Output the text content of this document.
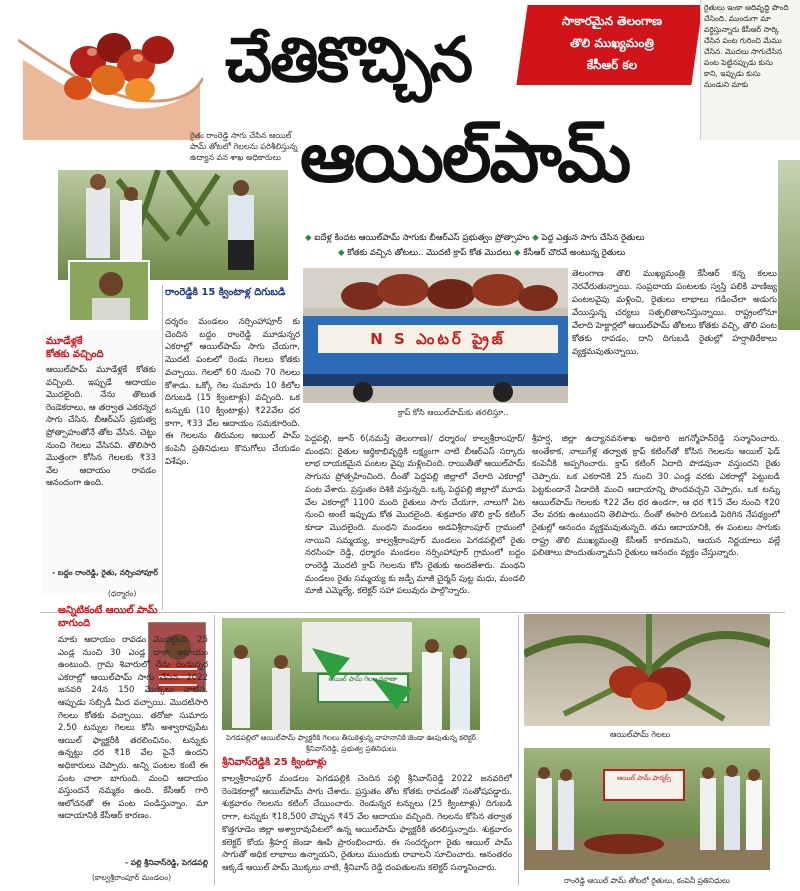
చేతికొచ్చిన
ఆయిల్‌పామ్
సాకారమైన తెలంగాణ
తొలి ముఖ్యమంత్రి
కేసీఆర్ కల
రైతులు ఇంకా ఆదివృద్ధి పొంది
చేసింది. ముందుగా మా
వర్ధిస్తున్నారు కేసీఆర్ సార్కి
చేసిన పంట గురించి మేము
చేసిన. మొదలు సాగుచేసిన
పంట పెట్టినప్పుడు కుసు
కాని, ఇప్పుడు కుసు
నుండుని మాకు
రైతు రాంరెడ్డి సాగు చేసిన ఆయిల్ పామ్ తోటలో గెలలను పరిశీలిస్తున్న ఉద్యాన వన శాఖ అధికారులు
◆ ఐదేళ్ల కిందట ఆయిల్‌పామ్ సాగుకు బీఆర్ఎస్ ప్రభుత్వం ప్రోత్సాహం ◆ పెద్ద ఎత్తున సాగు చేసిన రైతులు
◆ కోతకు వచ్చిన తోటలు.. మొదటి క్రాప్ కోత మొదలు ◆ కేసీఆర్ చొరవే అంటున్న రైతులు
N S ఎంటర్ ప్రైజ్
క్రాప్ కోసి ఆయిల్‌పామ్‌కు తరలిస్తూ..
తెలంగాణ తొలి ముఖ్యమంత్రి కేసీఆర్ కన్న కలలు నెరవేరుతున్నాయి. సంప్రదాయ పంటలకు స్వస్తి పలికి వాణిజ్య పంటలవైపు మళ్లించి, రైతులు లాభాలు గడించేలా అడుగు వేయిస్తున్న చర్యలు సత్ఫలితాలనిస్తున్నాయి. రాష్ట్రంలోనూ వేలాది హెక్టార్లలో ఆయిల్‌పామ్ తోటలు కోతకు వచ్చి, తొలి పంట కోతకు రావడం, దాని దిగుబడి రైతుల్లో హర్షాతిరేకాలు వ్యక్తమవుతున్నాయి.
రాంరెడ్డికి 15 క్వింటాళ్ల దిగుబడి
దర్శరం మండలం నర్సింహాపూర్ కు చెందిన బద్దం రాంరెడ్డి మూడున్నర ఎకరాల్లో ఆయిల్‌పామ్ సాగు చేయగా, మొదటి పంటలో రెండు గెలలు కోతకు వచ్చాయి. గెలలో 60 నుంచి 70 గెలలు కోశాడు. ఒక్కో గెల సుమారు 10 కిలోల దిగుబడి (15 క్వింటాళ్లు) వచ్చింది. ఒక టన్నుకు (10 క్వింటాళ్లు) ₹22వేల ధర కాగా, ₹33 వేల ఆదాయం సమకూరింది. ఈ గెలలను తిరుమల ఆయిల్ పామ్ కంపెనీ ప్రతినిధులు కొనుగోలు చేయడం విశేషం.
మూడేళ్లకే
కోతకు వచ్చింది
ఆయిల్‌పామ్ మూడేళ్లకే కోతకు వచ్చింది. ఇప్పుడే ఆదాయం మొదలైంది. నేను తొలుత రెండెకరాలు, ఆ తర్వాత ఎకరన్నర సాగు చేసిన. బీఆర్ఎస్ ప్రభుత్వ ప్రోత్సాహంతోనే తోట వేసిన. చెట్టు నుంచి గెలలు వేసినవి. తొలిసారి మొత్తంగా కోసిన గెలలకు ₹33 వేల ఆదాయం రావడం ఆనందంగా ఉంది.
- బద్దం రాంరెడ్డి, రైతు, నర్సింహాపూర్
(ధర్మారం)
పెద్దపల్లి, జూన్ 6(నమస్తే తెలంగాణ)/ ధర్మారం/ కాల్వశ్రీరాంపూర్/ మంథని: రైతుల ఆర్థికాభివృద్ధికి లక్ష్యంగా నాటి బీఆర్ఎస్ సర్కారు లాభ దాయకమైన పంటల వైపు మళ్లించింది. రాయితీతో ఆయిల్‌పామ్ సాగును ప్రోత్సహించింది. దీంతో పెద్దపల్లి జిల్లాలో వేలాది ఎకరాల్లో పంట వేశారు. ప్రస్తుతం దిశికి వస్తున్నది. ఒక్క పెద్దపల్లి జిల్లాలో మూడు వేల ఎకరాల్లో 1100 మంది రైతులు సాగు చేయగా, నాలుగో ఏట నుంచి అంటే ఇప్పుడు కోత మొదలైంది. శుక్రవారం తొలి క్రాప్ కటింగ్ కూడా మొదలైంది. మంథని మండలం అడవిశ్రీరాంపూర్ గ్రామంలో నాయిని సమ్మయ్య, కాల్వశ్రీరాంపూర్ మండలం పెగడపల్లిలో రైతు నరసింహ రెడ్డి, ధర్మారం మండలం నర్సింహాపూర్ గ్రామంలో బద్దం రాంరెడ్డి మొదటి క్రాప్ గెలలను కోసి రైతుకు అందజేశారు. మంథని మండలం రైతు సమ్మయ్య కు జడ్పీ మాజీ చైర్మన్ పుట్ట మధు, మండలి మాజీ ఎమ్మెల్యే, కలెక్టర్ సహా పలువురు పాల్గొన్నారు.
శ్రీహర్ష, జిల్లా ఉద్యానవనశాఖ అధికారి జగన్మోహన్‌రెడ్డి సన్మానించారు. అంతేకాక, నాలుగేళ్ల తర్వాత క్రాప్ కటింగ్‌తో కోసిన గెలలను ఆయిల్ ఫెడ్ కంపెనీకి అప్పగించారు. క్రాప్ కటింగ్ ఏదాది పొడవునా వస్తుందని రైతు చెప్పారు. ఒక ఎకరానికి 25 నుంచి 30 ఎండ్ల వరకు ఎకరాల్లో పెట్టుబడి పెట్టకుండానే ఏడాదికి మంచి ఆదాయాన్ని పొందవచ్చని చెప్పారు. ఒక టన్ను ఆయిల్‌పామ్ గెలలకు ₹22 వేల ధర ఉండగా, ఆ ధర ₹15 వేల నుంచి ₹20 వేల వరకు ఉంటుందని తెలిపారు. దీంతో ఈసారి దిగుబడి పెరిగిన నేపథ్యంలో రైతుల్లో ఆనందం వ్యక్తమవుతున్నది. తమ ఆదాయానికి, ఈ పంటలు సాగుకు రాష్ట్ర తొలి ముఖ్యమంత్రి కేసీఆర్ కారణమని, ఆయన నిర్ణయాలు వల్లే ఫలితాలు పొందుతున్నామని రైతులు ఆనందం వ్యక్తం చేస్తున్నారు.
అన్నిటికంటే ఆయిల్ పామ్
బాగుంది
మాకు ఆదాయం రావడం మొదలైంది. 25 ఎండ్ల నుంచి 30 ఎండ్ల దాకా ఆదాయం ఉంటుంది. గ్రామ శివారులో నేను రెండున్నర ఎకరాల్లో ఆయిల్‌పామ్ సాగు చేసిన. 2022 జనవరి 24న 150 మొక్కలు నాటిన. ఆప్పుడు సబ్సిడీ మీద వచ్చాయి. మొదటిసారి గెలలు కోతకు వచ్చాయి. తరోజా సుమారు 2.50 టన్నుల గెలలు కోసి అశ్వారావుపేట ఆయిల్ ఫ్యాక్టరీకి తరలించినం. టన్నుకు ఉన్నట్టు ధర ₹18 వేల పైనే ఉందని అధికారులు చెప్పారు. అన్ని పంటల కంటే ఈ పంట చాలా బాగుంది. మంచి ఆదాయం వస్తుందనే నమ్మకం ఉంది. కేసీఆర్ గారి ఆలోచనతో ఈ పంట పండిస్తున్నాం. మా ఆదాయానికి కేసీఆర్ కారణం.
- పల్లి శ్రీనివాస్‌రెడ్డి, పెగడపల్లి
(కాల్వశ్రీరాంపూర్ మండలం)
ఆయిల్ పామ్ గెలల రవాణా
పెగడపల్లిలో ఆయిల్‌పామ్ ఫ్యాక్టరీకి గెలలు తీసుకెళ్తున్న వాహనానికి జెండా ఊపుతున్న కలెక్టర్
శ్రీనివాస్‌రెడ్డి, ప్రభుత్వ ప్రతినిధులు
శ్రీనివాస్‌రెడ్డికి 25 క్వింటాళ్లు
కాల్వశ్రీరాంపూర్ మండలం పెగడపల్లికి చెందిన పల్లి శ్రీనివాస్‌రెడ్డి 2022 జనవరిలో రెండెకరాల్లో ఆయిల్‌పామ్ సాగు చేశారు. ప్రస్తుతం తోట కోతకు రావడంతో సంతోషపడ్డారు. శుక్రవారం గెలలను కటింగ్ చేయించారు. రెండున్నర టన్నులు (25 క్వింటాళ్లు) దిగుబడి రాగా, టన్నుకు ₹18,500 చొప్పున ₹45 వేల ఆదాయం వచ్చింది. గెలలను కోసిన తర్వాత కొత్తగూడెం జిల్లా అశ్వారావుపేటలో ఉన్న ఆయిల్‌పామ్ ఫ్యాక్టరీకి తరలిస్తున్నారు. శుక్రవారం కలెక్టర్ కోయ శ్రీహర్ష జెండా ఊపి ప్రారంభించారు. ఈ సందర్భంగా రైతు ఆయిల్ పామ్ సాగుతో అధిక లాభాలు ఉన్నాయని, రైతులు ముందుకు రావాలని సూచించారు. ఆనంతరం ఆక్కడే ఆయిల్ పామ్ మొక్కలు నాటి, శ్రీనివాస్ రెడ్డి దంపతులను కలెక్టర్ సన్మానించారు.
ఆయిల్‌పామ్ గెలలు
ఆయిల్ పామ్ ఫార్మర్స్
రాంరెడ్డి ఆయిల్ పామ్ తోటలో రైతులు, కంపెనీ ప్రతినిధులు
